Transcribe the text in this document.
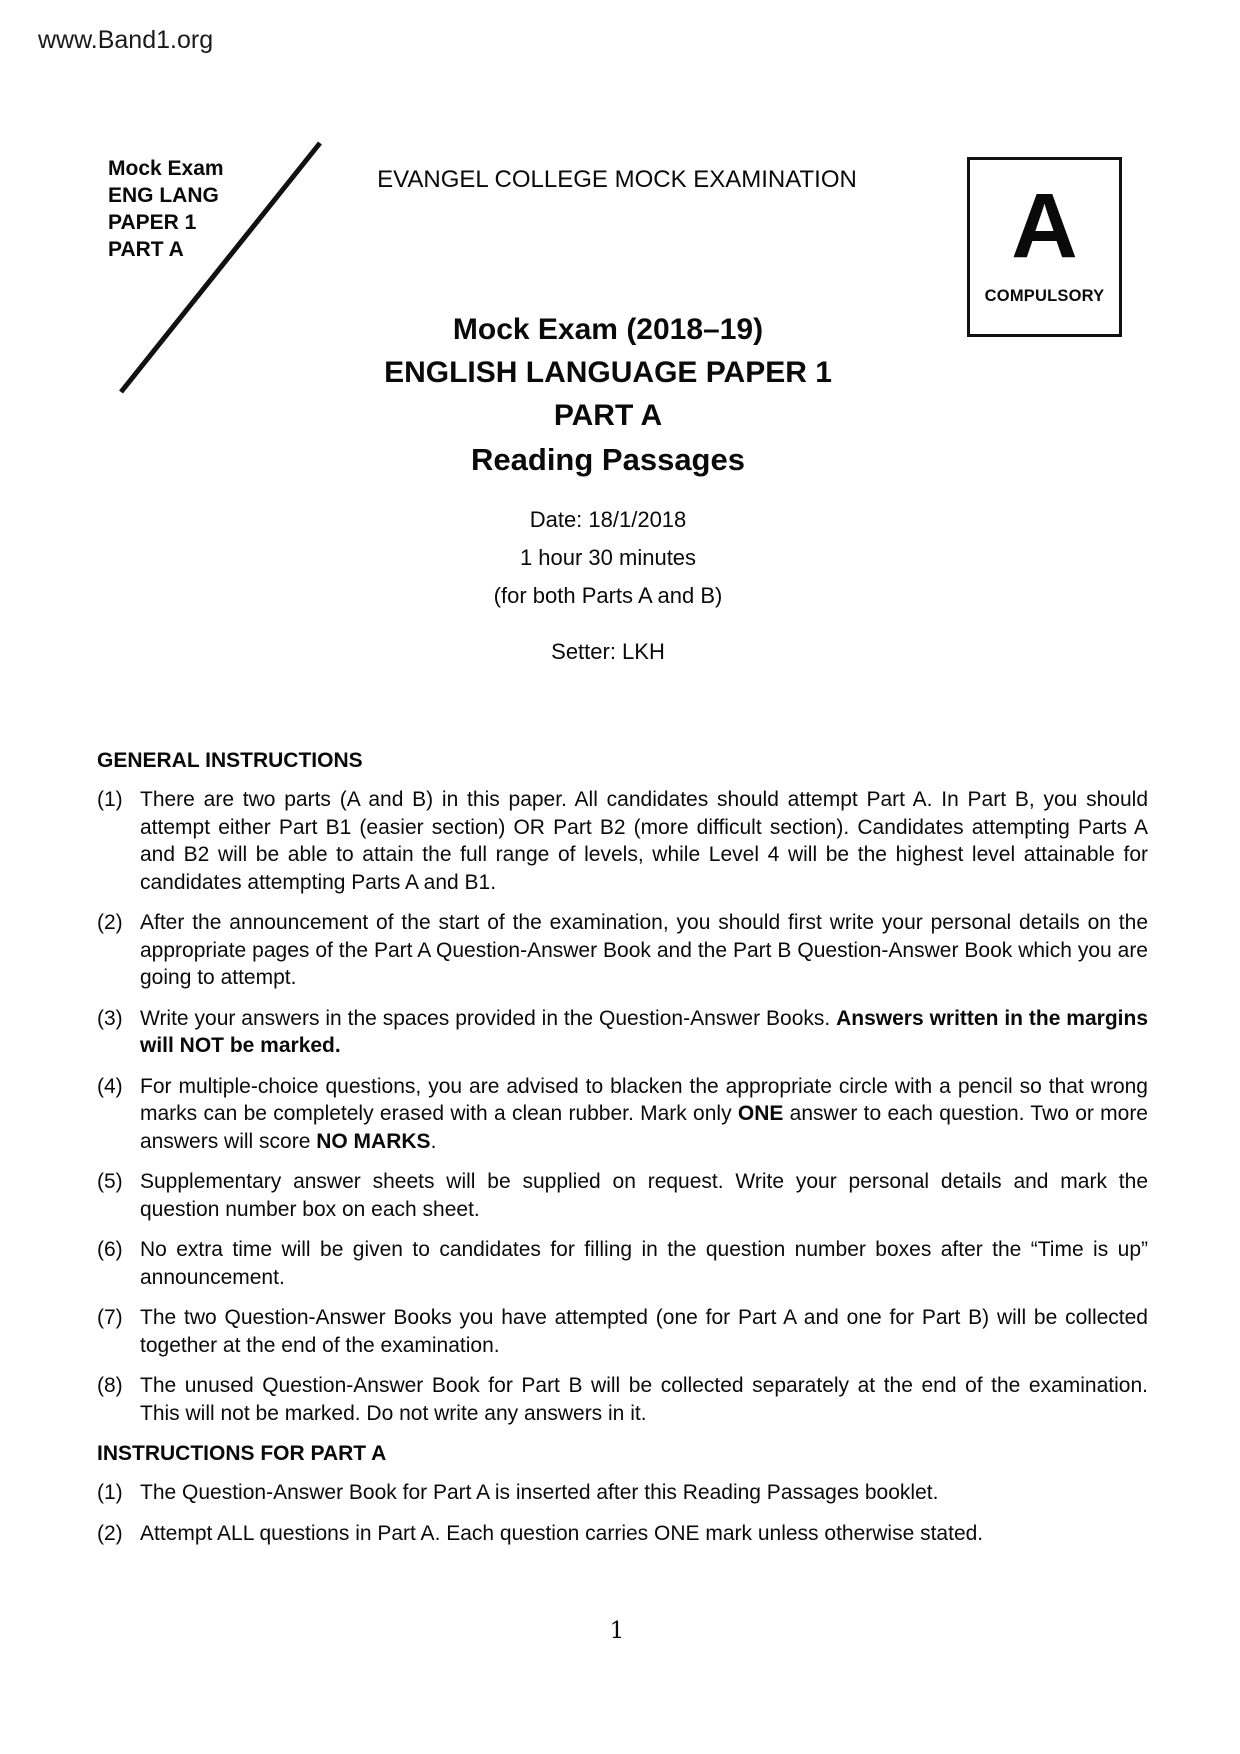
www.Band1.org
Mock Exam
ENG LANG
PAPER 1
PART A
EVANGEL COLLEGE MOCK EXAMINATION	A
COMPULSORY
Mock Exam (2018–19)
ENGLISH LANGUAGE PAPER 1
PART A
Reading Passages
Date: 18/1/2018
1 hour 30 minutes
(for both Parts A and B)
Setter: LKH
GENERAL INSTRUCTIONS
(1) There are two parts (A and B) in this paper. All candidates should attempt Part A. In Part B, you should attempt either Part B1 (easier section) OR Part B2 (more difficult section). Candidates attempting Parts A and B2 will be able to attain the full range of levels, while Level 4 will be the highest level attainable for candidates attempting Parts A and B1.
(2) After the announcement of the start of the examination, you should first write your personal details on the appropriate pages of the Part A Question-Answer Book and the Part B Question-Answer Book which you are going to attempt.
(3) Write your answers in the spaces provided in the Question-Answer Books. Answers written in the margins will NOT be marked.
(4) For multiple-choice questions, you are advised to blacken the appropriate circle with a pencil so that wrong marks can be completely erased with a clean rubber. Mark only ONE answer to each question. Two or more answers will score NO MARKS.
(5) Supplementary answer sheets will be supplied on request. Write your personal details and mark the question number box on each sheet.
(6) No extra time will be given to candidates for filling in the question number boxes after the “Time is up” announcement.
(7) The two Question-Answer Books you have attempted (one for Part A and one for Part B) will be collected together at the end of the examination.
(8) The unused Question-Answer Book for Part B will be collected separately at the end of the examination. This will not be marked. Do not write any answers in it.
INSTRUCTIONS FOR PART A
(1) The Question-Answer Book for Part A is inserted after this Reading Passages booklet.
(2) Attempt ALL questions in Part A. Each question carries ONE mark unless otherwise stated.
1
